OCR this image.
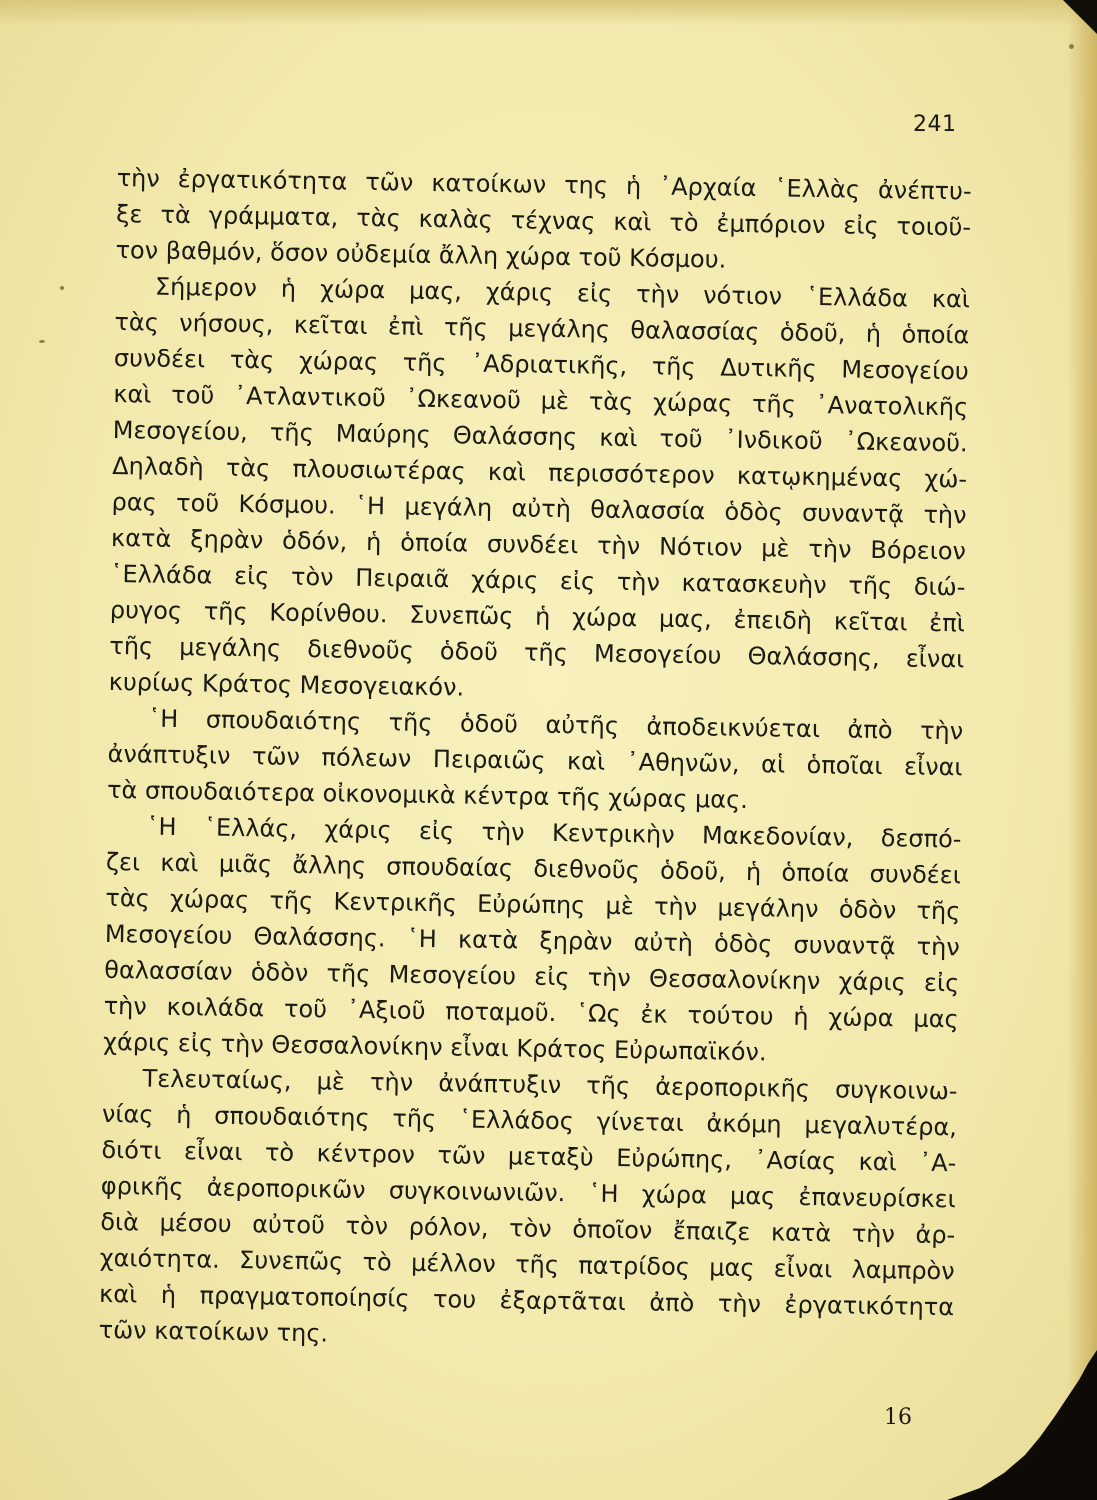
241
τὴν ἐργατικότητα τῶν κατοίκων της ἡ ᾿Αρχαία ῾Ελλὰς ἀνέπτυ-
ξε τὰ γράμματα, τὰς καλὰς τέχνας καὶ τὸ ἐμπόριον εἰς τοιοῦ-
τον βαθμόν, ὅσον οὐδεμία ἄλλη χώρα τοῦ Κόσμου.
Σήμερον ἡ χώρα μας, χάρις εἰς τὴν νότιον ῾Ελλάδα καὶ
τὰς νήσους, κεῖται ἐπὶ τῆς μεγάλης θαλασσίας ὁδοῦ, ἡ ὁποία
συνδέει τὰς χώρας τῆς ᾿Αδριατικῆς, τῆς Δυτικῆς Μεσογείου
καὶ τοῦ ᾿Ατλαντικοῦ ᾿Ωκεανοῦ μὲ τὰς χώρας τῆς ᾿Ανατολικῆς
Μεσογείου, τῆς Μαύρης Θαλάσσης καὶ τοῦ ᾿Ινδικοῦ ᾿Ωκεανοῦ.
Δηλαδὴ τὰς πλουσιωτέρας καὶ περισσότερον κατῳκημένας χώ-
ρας τοῦ Κόσμου. ῾Η μεγάλη αὐτὴ θαλασσία ὁδὸς συναντᾷ τὴν
κατὰ ξηρὰν ὁδόν, ἡ ὁποία συνδέει τὴν Νότιον μὲ τὴν Βόρειον
῾Ελλάδα εἰς τὸν Πειραιᾶ χάρις εἰς τὴν κατασκευὴν τῆς διώ-
ρυγος τῆς Κορίνθου. Συνεπῶς ἡ χώρα μας, ἐπειδὴ κεῖται ἐπὶ
τῆς μεγάλης διεθνοῦς ὁδοῦ τῆς Μεσογείου Θαλάσσης, εἶναι
κυρίως Κράτος Μεσογειακόν.
῾Η σπουδαιότης τῆς ὁδοῦ αὐτῆς ἀποδεικνύεται ἀπὸ τὴν
ἀνάπτυξιν τῶν πόλεων Πειραιῶς καὶ ᾿Αθηνῶν, αἱ ὁποῖαι εἶναι
τὰ σπουδαιότερα οἰκονομικὰ κέντρα τῆς χώρας μας.
῾Η ῾Ελλάς, χάρις εἰς τὴν Κεντρικὴν Μακεδονίαν, δεσπό-
ζει καὶ μιᾶς ἄλλης σπουδαίας διεθνοῦς ὁδοῦ, ἡ ὁποία συνδέει
τὰς χώρας τῆς Κεντρικῆς Εὐρώπης μὲ τὴν μεγάλην ὁδὸν τῆς
Μεσογείου Θαλάσσης. ῾Η κατὰ ξηρὰν αὐτὴ ὁδὸς συναντᾷ τὴν
θαλασσίαν ὁδὸν τῆς Μεσογείου εἰς τὴν Θεσσαλονίκην χάρις εἰς
τὴν κοιλάδα τοῦ ᾿Αξιοῦ ποταμοῦ. ῾Ως ἐκ τούτου ἡ χώρα μας
χάρις εἰς τὴν Θεσσαλονίκην εἶναι Κράτος Εὐρωπαϊκόν.
Τελευταίως, μὲ τὴν ἀνάπτυξιν τῆς ἀεροπορικῆς συγκοινω-
νίας ἡ σπουδαιότης τῆς ῾Ελλάδος γίνεται ἀκόμη μεγαλυτέρα,
διότι εἶναι τὸ κέντρον τῶν μεταξὺ Εὐρώπης, ᾿Ασίας καὶ ᾿Α-
φρικῆς ἀεροπορικῶν συγκοινωνιῶν. ῾Η χώρα μας ἐπανευρίσκει
διὰ μέσου αὐτοῦ τὸν ρόλον, τὸν ὁποῖον ἔπαιζε κατὰ τὴν ἀρ-
χαιότητα. Συνεπῶς τὸ μέλλον τῆς πατρίδος μας εἶναι λαμπρὸν
καὶ ἡ πραγματοποίησίς του ἐξαρτᾶται ἀπὸ τὴν ἐργατικότητα
τῶν κατοίκων της.
16
